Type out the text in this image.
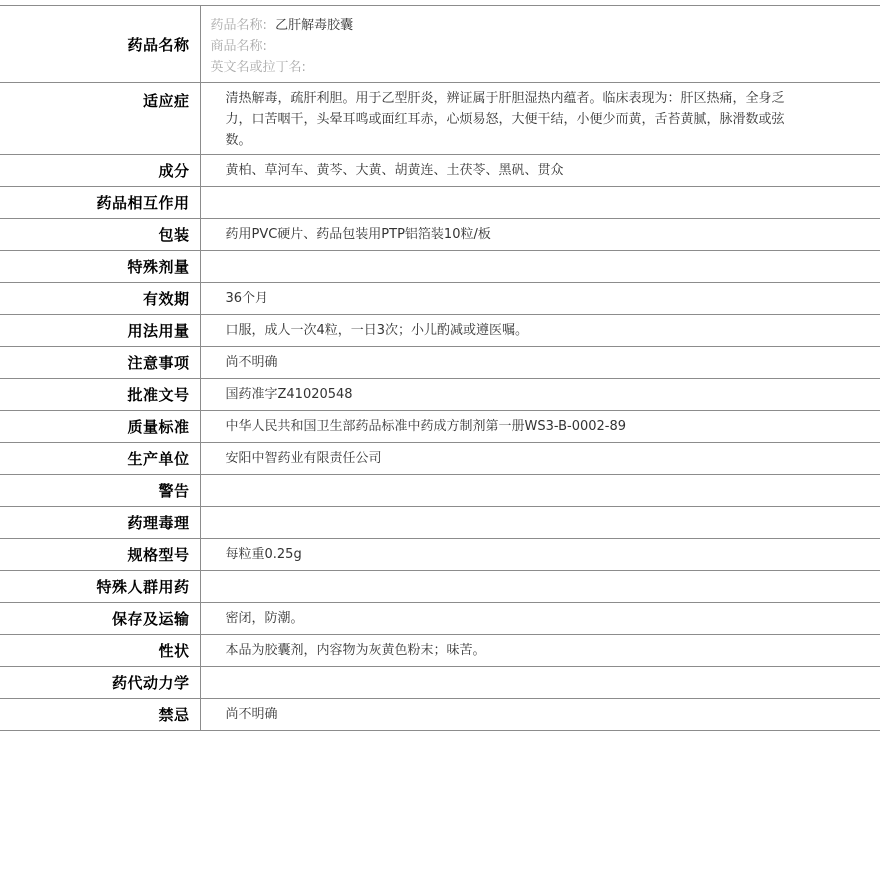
药品名称	药品名称: 乙肝解毒胶囊
商品名称:
英文名或拉丁名:

适应症	清热解毒，疏肝利胆。用于乙型肝炎，辨证属于肝胆湿热内蕴者。临床表现为：肝区热痛，全身乏力，口苦咽干，头晕耳鸣或面红耳赤，心烦易怒，大便干结，小便少而黄，舌苔黄腻，脉滑数或弦数。
成分	黄柏、草河车、黄芩、大黄、胡黄连、土茯苓、黑矾、贯众
药品相互作用	
包装	药用PVC硬片、药品包装用PTP铝箔装10粒/板
特殊剂量	
有效期	36个月
用法用量	口服，成人一次4粒，一日3次；小儿酌减或遵医嘱。
注意事项	尚不明确
批准文号	国药准字Z41020548
质量标准	中华人民共和国卫生部药品标准中药成方制剂第一册WS3-B-0002-89
生产单位	安阳中智药业有限责任公司
警告	
药理毒理	
规格型号	每粒重0.25g
特殊人群用药	
保存及运输	密闭，防潮。
性状	本品为胶囊剂，内容物为灰黄色粉末；味苦。
药代动力学	
禁忌	尚不明确
